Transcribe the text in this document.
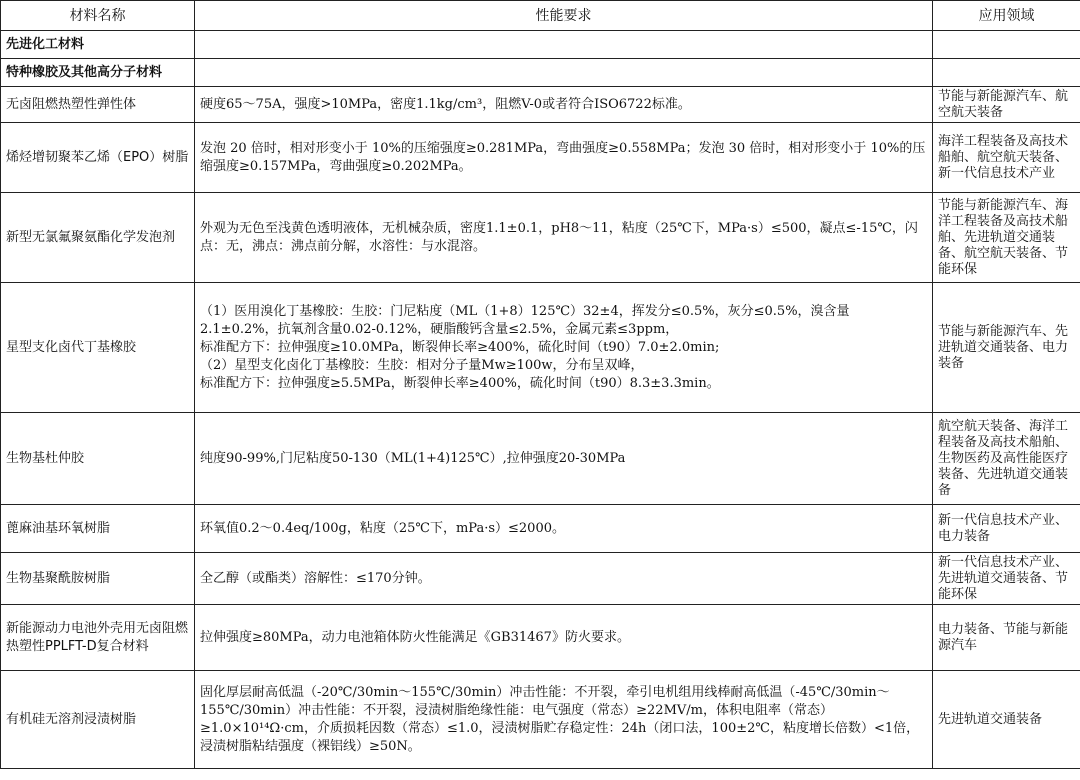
材料名称	性能要求	应用领域
先进化工材料		
特种橡胶及其他高分子材料		
无卤阻燃热塑性弹性体	硬度65～75A，强度>10MPa，密度1.1kg/cm³，阻燃V-0或者符合ISO6722标准。	节能与新能源汽车、航空航天装备
烯烃增韧聚苯乙烯（EPO）树脂	发泡 20 倍时，相对形变小于 10%的压缩强度≥0.281MPa，弯曲强度≥0.558MPa；发泡 30 倍时，相对形变小于 10%的压缩强度≥0.157MPa，弯曲强度≥0.202MPa。	海洋工程装备及高技术船舶、航空航天装备、新一代信息技术产业
新型无氯氟聚氨酯化学发泡剂	外观为无色至浅黄色透明液体，无机械杂质，密度1.1±0.1，pH8～11，粘度（25℃下，MPa·s）≤500，凝点≤-15℃，闪点：无，沸点：沸点前分解，水溶性：与水混溶。	节能与新能源汽车、海洋工程装备及高技术船舶、先进轨道交通装备、航空航天装备、节能环保
星型支化卤代丁基橡胶	（1）医用溴化丁基橡胶：生胶：门尼粘度（ML（1+8）125℃）32±4，挥发分≤0.5%，灰分≤0.5%，溴含量2.1±0.2%，抗氧剂含量0.02-0.12%，硬脂酸钙含量≤2.5%，金属元素≤3ppm，
标准配方下：拉伸强度≥10.0MPa，断裂伸长率≥400%，硫化时间（t90）7.0±2.0min;
（2）星型支化卤化丁基橡胶：生胶：相对分子量Mw≥100w，分布呈双峰，
标准配方下：拉伸强度≥5.5MPa，断裂伸长率≥400%，硫化时间（t90）8.3±3.3min。	节能与新能源汽车、先进轨道交通装备、电力装备
生物基杜仲胶	纯度90-99%,门尼粘度50-130（ML(1+4)125℃）,拉伸强度20-30MPa	航空航天装备、海洋工程装备及高技术船舶、生物医药及高性能医疗装备、先进轨道交通装备
蓖麻油基环氧树脂	环氧值0.2～0.4eq/100g，粘度（25℃下，mPa·s）≤2000。	新一代信息技术产业、电力装备
生物基聚酰胺树脂	全乙醇（或酯类）溶解性：≤170分钟。	新一代信息技术产业、先进轨道交通装备、节能环保
新能源动力电池外壳用无卤阻燃热塑性PPLFT-D复合材料	拉伸强度≥80MPa，动力电池箱体防火性能满足《GB31467》防火要求。	电力装备、节能与新能源汽车
有机硅无溶剂浸渍树脂	固化厚层耐高低温（-20℃/30min～155℃/30min）冲击性能：不开裂，牵引电机组用线棒耐高低温（-45℃/30min～155℃/30min）冲击性能：不开裂，浸渍树脂绝缘性能：电气强度（常态）≥22MV/m，体积电阻率（常态）≥1.0×10¹⁴Ω·cm，介质损耗因数（常态）≤1.0，浸渍树脂贮存稳定性：24h（闭口法，100±2℃，粘度增长倍数）<1倍，浸渍树脂粘结强度（裸铝线）≥50N。	先进轨道交通装备
